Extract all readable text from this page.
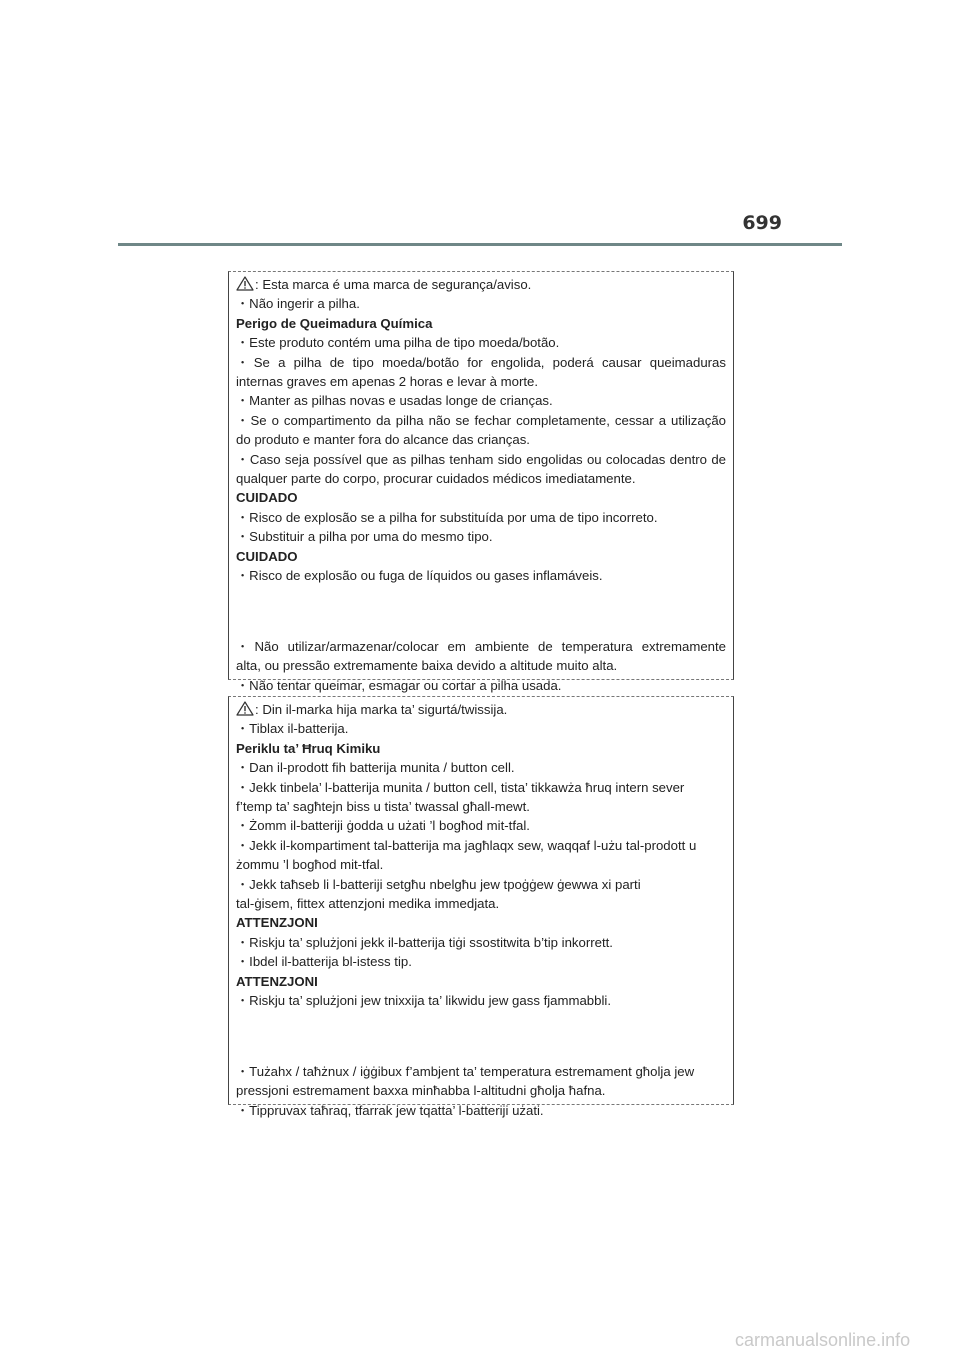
699

: Esta marca é uma marca de segurança/aviso.

・Não ingerir a pilha.

Perigo de Queimadura Química

・Este produto contém uma pilha de tipo moeda/botão.

・Se a pilha de tipo moeda/botão for engolida, poderá causar queimaduras

internas graves em apenas 2 horas e levar à morte.

・Manter as pilhas novas e usadas longe de crianças.

・Se o compartimento da pilha não se fechar completamente, cessar a utilização

do produto e manter fora do alcance das crianças.

・Caso seja possível que as pilhas tenham sido engolidas ou colocadas dentro de

qualquer parte do corpo, procurar cuidados médicos imediatamente.

CUIDADO

・Risco de explosão se a pilha for substituída por uma de tipo incorreto.

・Substituir a pilha por uma do mesmo tipo.

CUIDADO

・Risco de explosão ou fuga de líquidos ou gases inflamáveis.

・Não utilizar/armazenar/colocar em ambiente de temperatura extremamente

alta, ou pressão extremamente baixa devido a altitude muito alta.

・Não tentar queimar, esmagar ou cortar a pilha usada.

: Din il-marka hija marka ta’ sigurtá/twissija.

・Tiblax il-batterija.

Periklu ta’ Ħruq Kimiku

・Dan il-prodott fih batterija munita / button cell.

・Jekk tinbela’ l-batterija munita / button cell, tista’ tikkawża ħruq intern sever

f’temp ta’ sagħtejn biss u tista’ twassal għall-mewt.

・Żomm il-batteriji ġodda u użati ’l bogħod mit-tfal.

・Jekk il-kompartiment tal-batterija ma jagħlaqx sew, waqqaf l-użu tal-prodott u

żommu ’l bogħod mit-tfal.

・Jekk taħseb li l-batteriji setgħu nbelgħu jew tpoġġew ġewwa xi parti

tal-ġisem, fittex attenzjoni medika immedjata.

ATTENZJONI

・Riskju ta’ splużjoni jekk il-batterija tiġi ssostitwita b’tip inkorrett.

・Ibdel il-batterija bl-istess tip.

ATTENZJONI

・Riskju ta’ splużjoni jew tnixxija ta’ likwidu jew gass fjammabbli.

・Tużahx / taħżnux / iġġibux f’ambjent ta’ temperatura estremament għolja jew

pressjoni estremament baxxa minħabba l-altitudni għolja ħafna.

・Tippruvax taħraq, tfarrak jew tqatta’ l-batteriji użati.

carmanualsonline.info
